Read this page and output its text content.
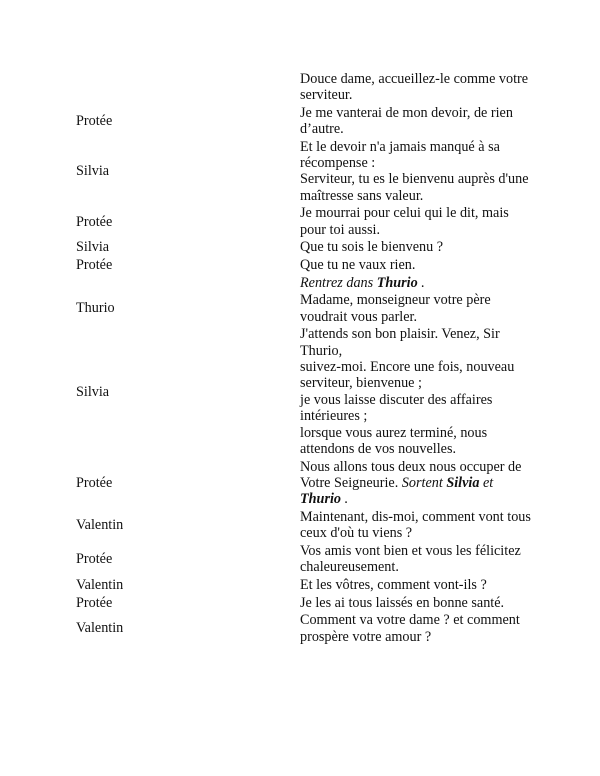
	Douce dame, accueillez-le comme votre serviteur.	
Protée	Je me vanterai de mon devoir, de rien d’autre.	
Silvia	Et le devoir n'a jamais manqué à sa récompense :
Serviteur, tu es le bienvenu auprès d'une maîtresse sans valeur.	
Protée	Je mourrai pour celui qui le dit, mais pour toi aussi.	
Silvia	Que tu sois le bienvenu ?	
Protée	Que tu ne vaux rien.	
	Rentrez dans Thurio .	
Thurio	Madame, monseigneur votre père voudrait vous parler.	
Silvia	J'attends son bon plaisir. Venez, Sir Thurio,
suivez-moi. Encore une fois, nouveau serviteur, bienvenue ;
je vous laisse discuter des affaires intérieures ;
lorsque vous aurez terminé, nous attendons de vos nouvelles.	
Protée	Nous allons tous deux nous occuper de Votre Seigneurie. Sortent Silvia et Thurio .	
Valentin	Maintenant, dis-moi, comment vont tous ceux d'où tu viens ?	
Protée	Vos amis vont bien et vous les félicitez chaleureusement.	
Valentin	Et les vôtres, comment vont-ils ?	
Protée	Je les ai tous laissés en bonne santé.	
Valentin	Comment va votre dame ? et comment prospère votre amour ?	
